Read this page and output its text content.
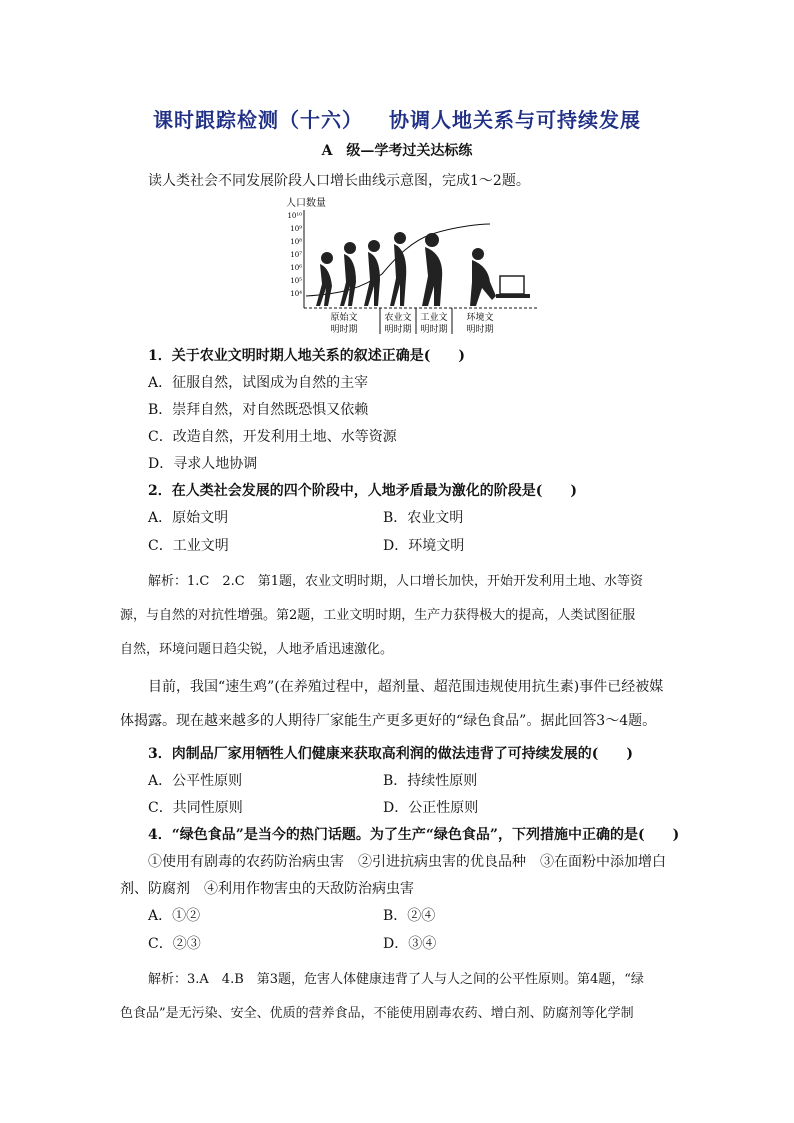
课时跟踪检测（十六） 协调人地关系与可持续发展
A　级—学考过关达标练
读人类社会不同发展阶段人口增长曲线示意图，完成1～2题。
人口数量
10¹⁰
10⁹
10⁸
10⁷
10⁶
10⁵
10⁴
原始文
明时期
农业文
明时期
工业文
明时期
环境文
明时期
1．关于农业文明时期人地关系的叙述正确是(　　)
A．征服自然，试图成为自然的主宰
B．崇拜自然，对自然既恐惧又依赖
C．改造自然，开发利用土地、水等资源
D．寻求人地协调
2．在人类社会发展的四个阶段中，人地矛盾最为激化的阶段是(　　)
A．原始文明	B．农业文明
C．工业文明	D．环境文明
解析：1.C　2.C　第1题，农业文明时期，人口增长加快，开始开发利用土地、水等资
源，与自然的对抗性增强。第2题，工业文明时期，生产力获得极大的提高，人类试图征服
自然，环境问题日趋尖锐，人地矛盾迅速激化。
目前，我国“速生鸡”(在养殖过程中，超剂量、超范围违规使用抗生素)事件已经被媒
体揭露。现在越来越多的人期待厂家能生产更多更好的“绿色食品”。据此回答3～4题。
3．肉制品厂家用牺牲人们健康来获取高利润的做法违背了可持续发展的(　　)
A．公平性原则	B．持续性原则
C．共同性原则	D．公正性原则
4．“绿色食品”是当今的热门话题。为了生产“绿色食品”，下列措施中正确的是(　　)
①使用有剧毒的农药防治病虫害　②引进抗病虫害的优良品种　③在面粉中添加增白
剂、防腐剂　④利用作物害虫的天敌防治病虫害
A．①②	B．②④
C．②③	D．③④
解析：3.A　4.B　第3题，危害人体健康违背了人与人之间的公平性原则。第4题，“绿
色食品”是无污染、安全、优质的营养食品，不能使用剧毒农药、增白剂、防腐剂等化学制
